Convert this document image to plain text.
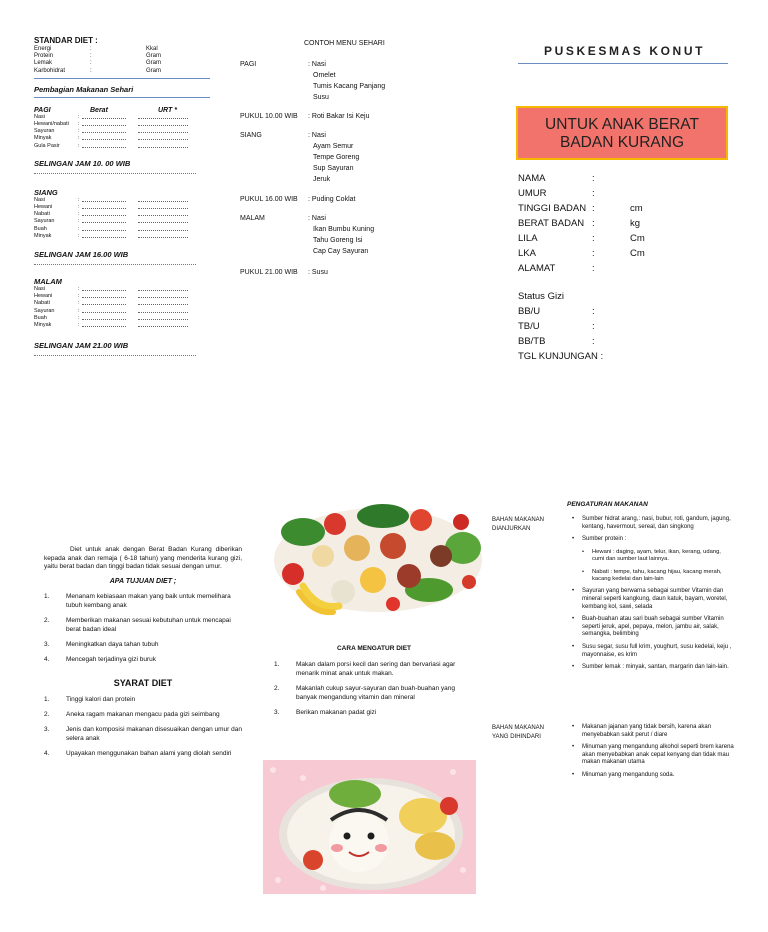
STANDAR DIET :
Energi	:	Kkal
Protein	:	Gram
Lemak	:	Gram
Karbohidrat	:	Gram
Pembagian Makanan Sehari
PAGI	Berat	URT *
Nasi	:
Hewani/nabati	:
Sayuran	:
Minyak	:
Gula Pasir	:
SELINGAN JAM 10. 00 WIB
SIANG
Nasi	:
Hewani	:
Nabati	:
Sayuran	:
Buah	:
Minyak	:
SELINGAN JAM 16.00 WIB
MALAM
Nasi	:
Hewani	:
Nabati	:
Sayuran	:
Buah	:
Minyak	:
SELINGAN JAM 21.00 WIB
CONTOH MENU SEHARI
PAGI	: Nasi
Omelet
Tumis Kacang Panjang
Susu
PUKUL 10.00 WIB	: Roti Bakar Isi Keju
SIANG	: Nasi
Ayam Semur
Tempe Goreng
Sup Sayuran
Jeruk
PUKUL 16.00 WIB	: Puding Coklat
MALAM	: Nasi
Ikan Bumbu Kuning
Tahu Goreng Isi
Cap Cay Sayuran
PUKUL 21.00 WIB	: Susu
PUSKESMAS KONUT
UNTUK ANAK BERAT
BADAN KURANG
NAMA	:
UMUR	:
TINGGI BADAN :	cm
BERAT BADAN :	kg
LILA	:	Cm
LKA	:	Cm
ALAMAT	:
Status Gizi
BB/U	:
TB/U	:
BB/TB	:
TGL KUNJUNGAN :
Diet untuk anak dengan Berat Badan Kurang diberikan kepada anak dan remaja ( 6-18 tahun) yang menderita kurang gizi, yaitu berat badan dan tinggi badan tidak sesuai dengan umur.
APA TUJUAN DIET ;
1.	Menanam kebiasaan makan yang baik untuk memelihara tubuh kembang anak
2.	Memberikan makanan sesuai kebutuhan untuk mencapai berat badan ideal
3.	Meningkatkan daya tahan tubuh
4.	Mencegah terjadinya gizi buruk
SYARAT DIET
1.	Tinggi kalori dan protein
2.	Aneka ragam makanan mengacu pada gizi seimbang
3.	Jenis dan komposisi makanan disesuaikan dengan umur dan selera anak
4.	Upayakan menggunakan bahan alami yang diolah sendiri
CARA MENGATUR DIET
1.	Makan dalam porsi kecil dan sering dan bervariasi agar menarik minat anak untuk makan.
2.	Makanlah cukup sayur-sayuran dan buah-buahan yang banyak mengandung vitamin dan mineral
3.	Berikan makanan padat gizi
PENGATURAN MAKANAN
BAHAN MAKANAN DIANJURKAN
•	Sumber hidrat arang,: nasi, bubur, roti, gandum, jagung, kentang, havermout, sereal, dan singkong
•	Sumber protein :
•	Hewani : daging, ayam, telur, ikan, kerang, udang, cumi dan sumber laut lainnya.
•	Nabati : tempe, tahu, kacang hijau, kacang merah, kacang kedelai dan lain-lain
•	Sayuran yang berwarna sebagai sumber Vitamin dan mineral seperti kangkung, daun katuk, bayam, woretel, kembang kol, sawi, selada
•	Buah-buahan atau sari buah sebagai sumber Vitamin seperti jeruk, apel, pepaya, melon, jambu air, salak, semangka, belimbing
•	Susu segar, susu full krim, youghurt, susu kedelai, keju , mayonnaise, es krim
•	Sumber lemak : minyak, santan, margarin dan lain-lain.
BAHAN MAKANAN YANG DIHINDARI
•	Makanan jajanan yang tidak bersih, karena akan menyebabkan sakit perut / diare
•	Minuman yang mengandung alkohol seperti brem karena akan menyebabkan anak cepat kenyang dan tidak mau makan makanan utama
•	Minuman yang mengandung soda.
